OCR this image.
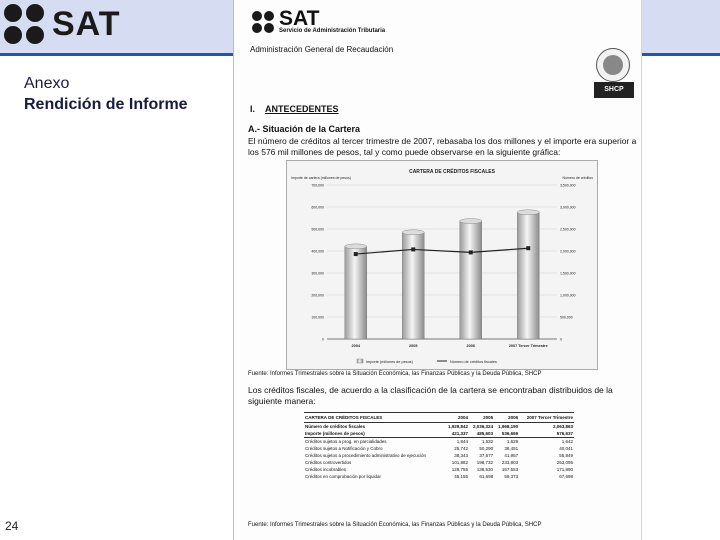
SAT
Anexo
Rendición de Informe
24
SAT
Servicio de Administración Tributaria
Administración General de Recaudación
SHCP
I. ANTECEDENTES
A.- Situación de la Cartera
El número de créditos al tercer trimestre de 2007, rebasaba los dos millones y el importe era superior a los 576 mil millones de pesos, tal y como puede observarse en la siguiente gráfica:
CARTERA DE CRÉDITOS FISCALES
Importe de cartera (millones de pesos)	Número de créditos
0
100,000
200,000
300,000
400,000
500,000
600,000
700,000
0
500,000
1,000,000
1,500,000
2,000,000
2,500,000
3,000,000
3,500,000
2004	2005	2006	2007 Tercer Trimestre
Importe (millones de pesos)	Número de créditos fiscales
Fuente: Informes Trimestrales sobre la Situación Económica, las Finanzas Públicas y la Deuda Pública, SHCP
Los créditos fiscales, de acuerdo a la clasificación de la cartera se encontraban distribuidos de la siguiente manera:
CARTERA DE CRÉDITOS FISCALES	2004	2005	2006	2007 Tercer Trimestre
Número de créditos fiscales	1,929,842	2,036,324	1,968,190	2,063,863
Importe (millones de pesos)	421,337	485,603	536,669	576,637
Créditos sujetos a prog. en parcialidades	1,844	1,532	1,629	1,642
Créditos sujetos a Notificación y Cobro	25,742	50,290	38,451	40,041
Créditos sujetos a procedimiento administrativo de ejecución	38,343	37,677	41,957	55,849
Créditos controvertidos	101,882	198,732	233,803	253,095
Créditos incobrables	129,755	138,530	157,553	171,890
Créditos en comprobación por liquidar	45,155	61,698	59,373	67,698
Fuente: Informes Trimestrales sobre la Situación Económica, las Finanzas Públicas y la Deuda Pública, SHCP
